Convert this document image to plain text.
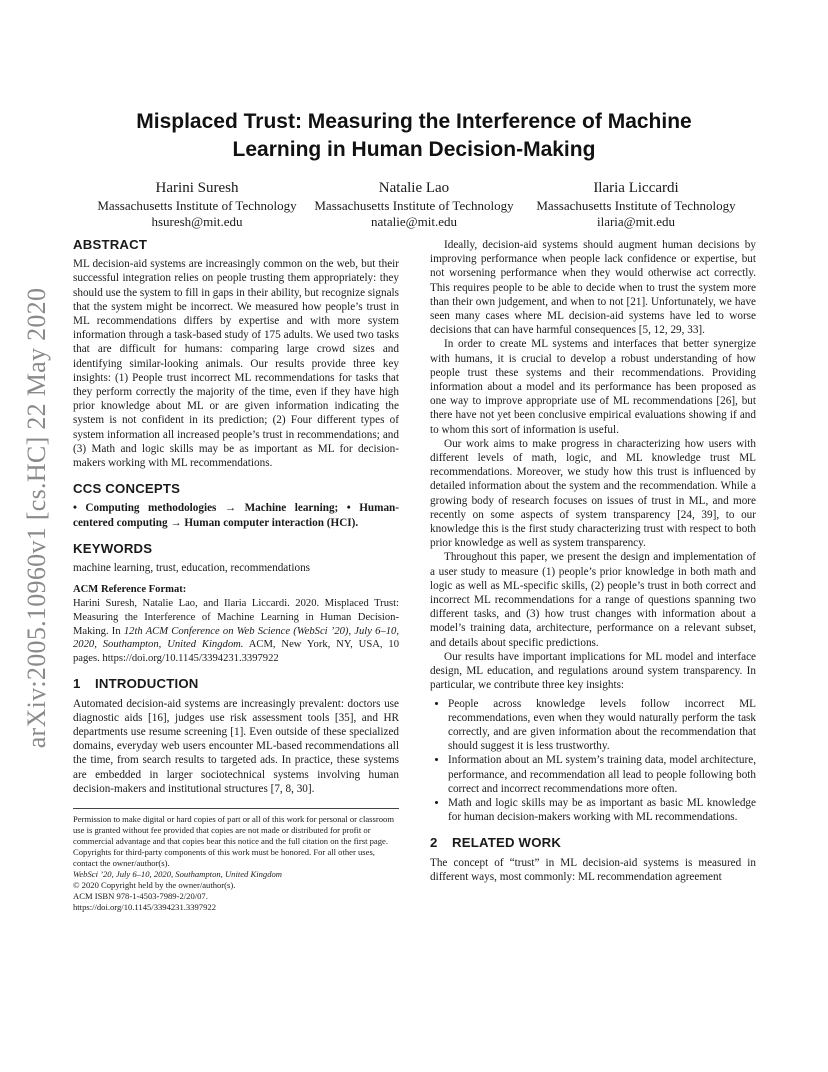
arXiv:2005.10960v1 [cs.HC] 22 May 2020
Misplaced Trust: Measuring the Interference of Machine Learning in Human Decision-Making
Harini Suresh
Massachusetts Institute of Technology
hsuresh@mit.edu
Natalie Lao
Massachusetts Institute of Technology
natalie@mit.edu
Ilaria Liccardi
Massachusetts Institute of Technology
ilaria@mit.edu
ABSTRACT

ML decision-aid systems are increasingly common on the web, but their successful integration relies on people trusting them appropriately: they should use the system to fill in gaps in their ability, but recognize signals that the system might be incorrect. We measured how people’s trust in ML recommendations differs by expertise and with more system information through a task-based study of 175 adults. We used two tasks that are difficult for humans: comparing large crowd sizes and identifying similar-looking animals. Our results provide three key insights: (1) People trust incorrect ML recommendations for tasks that they perform correctly the majority of the time, even if they have high prior knowledge about ML or are given information indicating the system is not confident in its prediction; (2) Four different types of system information all increased people’s trust in recommendations; and (3) Math and logic skills may be as important as ML for decision-makers working with ML recommendations.

CCS CONCEPTS

• Computing methodologies → Machine learning; • Human-centered computing → Human computer interaction (HCI).

KEYWORDS

machine learning, trust, education, recommendations

ACM Reference Format:

Harini Suresh, Natalie Lao, and Ilaria Liccardi. 2020. Misplaced Trust: Measuring the Interference of Machine Learning in Human Decision-Making. In 12th ACM Conference on Web Science (WebSci ’20), July 6–10, 2020, Southampton, United Kingdom. ACM, New York, NY, USA, 10 pages. https://doi.org/10.1145/3394231.3397922

1 INTRODUCTION

Automated decision-aid systems are increasingly prevalent: doctors use diagnostic aids [16], judges use risk assessment tools [35], and HR departments use resume screening [1]. Even outside of these specialized domains, everyday web users encounter ML-based recommendations all the time, from search results to targeted ads. In practice, these systems are embedded in larger sociotechnical systems involving human decision-makers and institutional structures [7, 8, 30].

Permission to make digital or hard copies of part or all of this work for personal or classroom use is granted without fee provided that copies are not made or distributed for profit or commercial advantage and that copies bear this notice and the full citation on the first page. Copyrights for third-party components of this work must be honored. For all other uses, contact the owner/author(s).
WebSci ’20, July 6–10, 2020, Southampton, United Kingdom
© 2020 Copyright held by the owner/author(s).
ACM ISBN 978-1-4503-7989-2/20/07.
https://doi.org/10.1145/3394231.3397922

Ideally, decision-aid systems should augment human decisions by improving performance when people lack confidence or expertise, but not worsening performance when they would otherwise act correctly. This requires people to be able to decide when to trust the system more than their own judgement, and when to not [21]. Unfortunately, we have seen many cases where ML decision-aid systems have led to worse decisions that can have harmful consequences [5, 12, 29, 33].

In order to create ML systems and interfaces that better synergize with humans, it is crucial to develop a robust understanding of how people trust these systems and their recommendations. Providing information about a model and its performance has been proposed as one way to improve appropriate use of ML recommendations [26], but there have not yet been conclusive empirical evaluations showing if and to whom this sort of information is useful.

Our work aims to make progress in characterizing how users with different levels of math, logic, and ML knowledge trust ML recommendations. Moreover, we study how this trust is influenced by detailed information about the system and the recommendation. While a growing body of research focuses on issues of trust in ML, and more recently on some aspects of system transparency [24, 39], to our knowledge this is the first study characterizing trust with respect to both prior knowledge as well as system transparency.

Throughout this paper, we present the design and implementation of a user study to measure (1) people’s prior knowledge in both math and logic as well as ML-specific skills, (2) people’s trust in both correct and incorrect ML recommendations for a range of questions spanning two different tasks, and (3) how trust changes with information about a model’s training data, architecture, performance on a relevant subset, and details about specific predictions.

Our results have important implications for ML model and interface design, ML education, and regulations around system transparency. In particular, we contribute three key insights:

• People across knowledge levels follow incorrect ML recommendations, even when they would naturally perform the task correctly, and are given information about the recommendation that should suggest it is less trustworthy.
• Information about an ML system’s training data, model architecture, performance, and recommendation all lead to people following both correct and incorrect recommendations more often.
• Math and logic skills may be as important as basic ML knowledge for human decision-makers working with ML recommendations.
2 RELATED WORK

The concept of “trust” in ML decision-aid systems is measured in different ways, most commonly: ML recommendation agreement
